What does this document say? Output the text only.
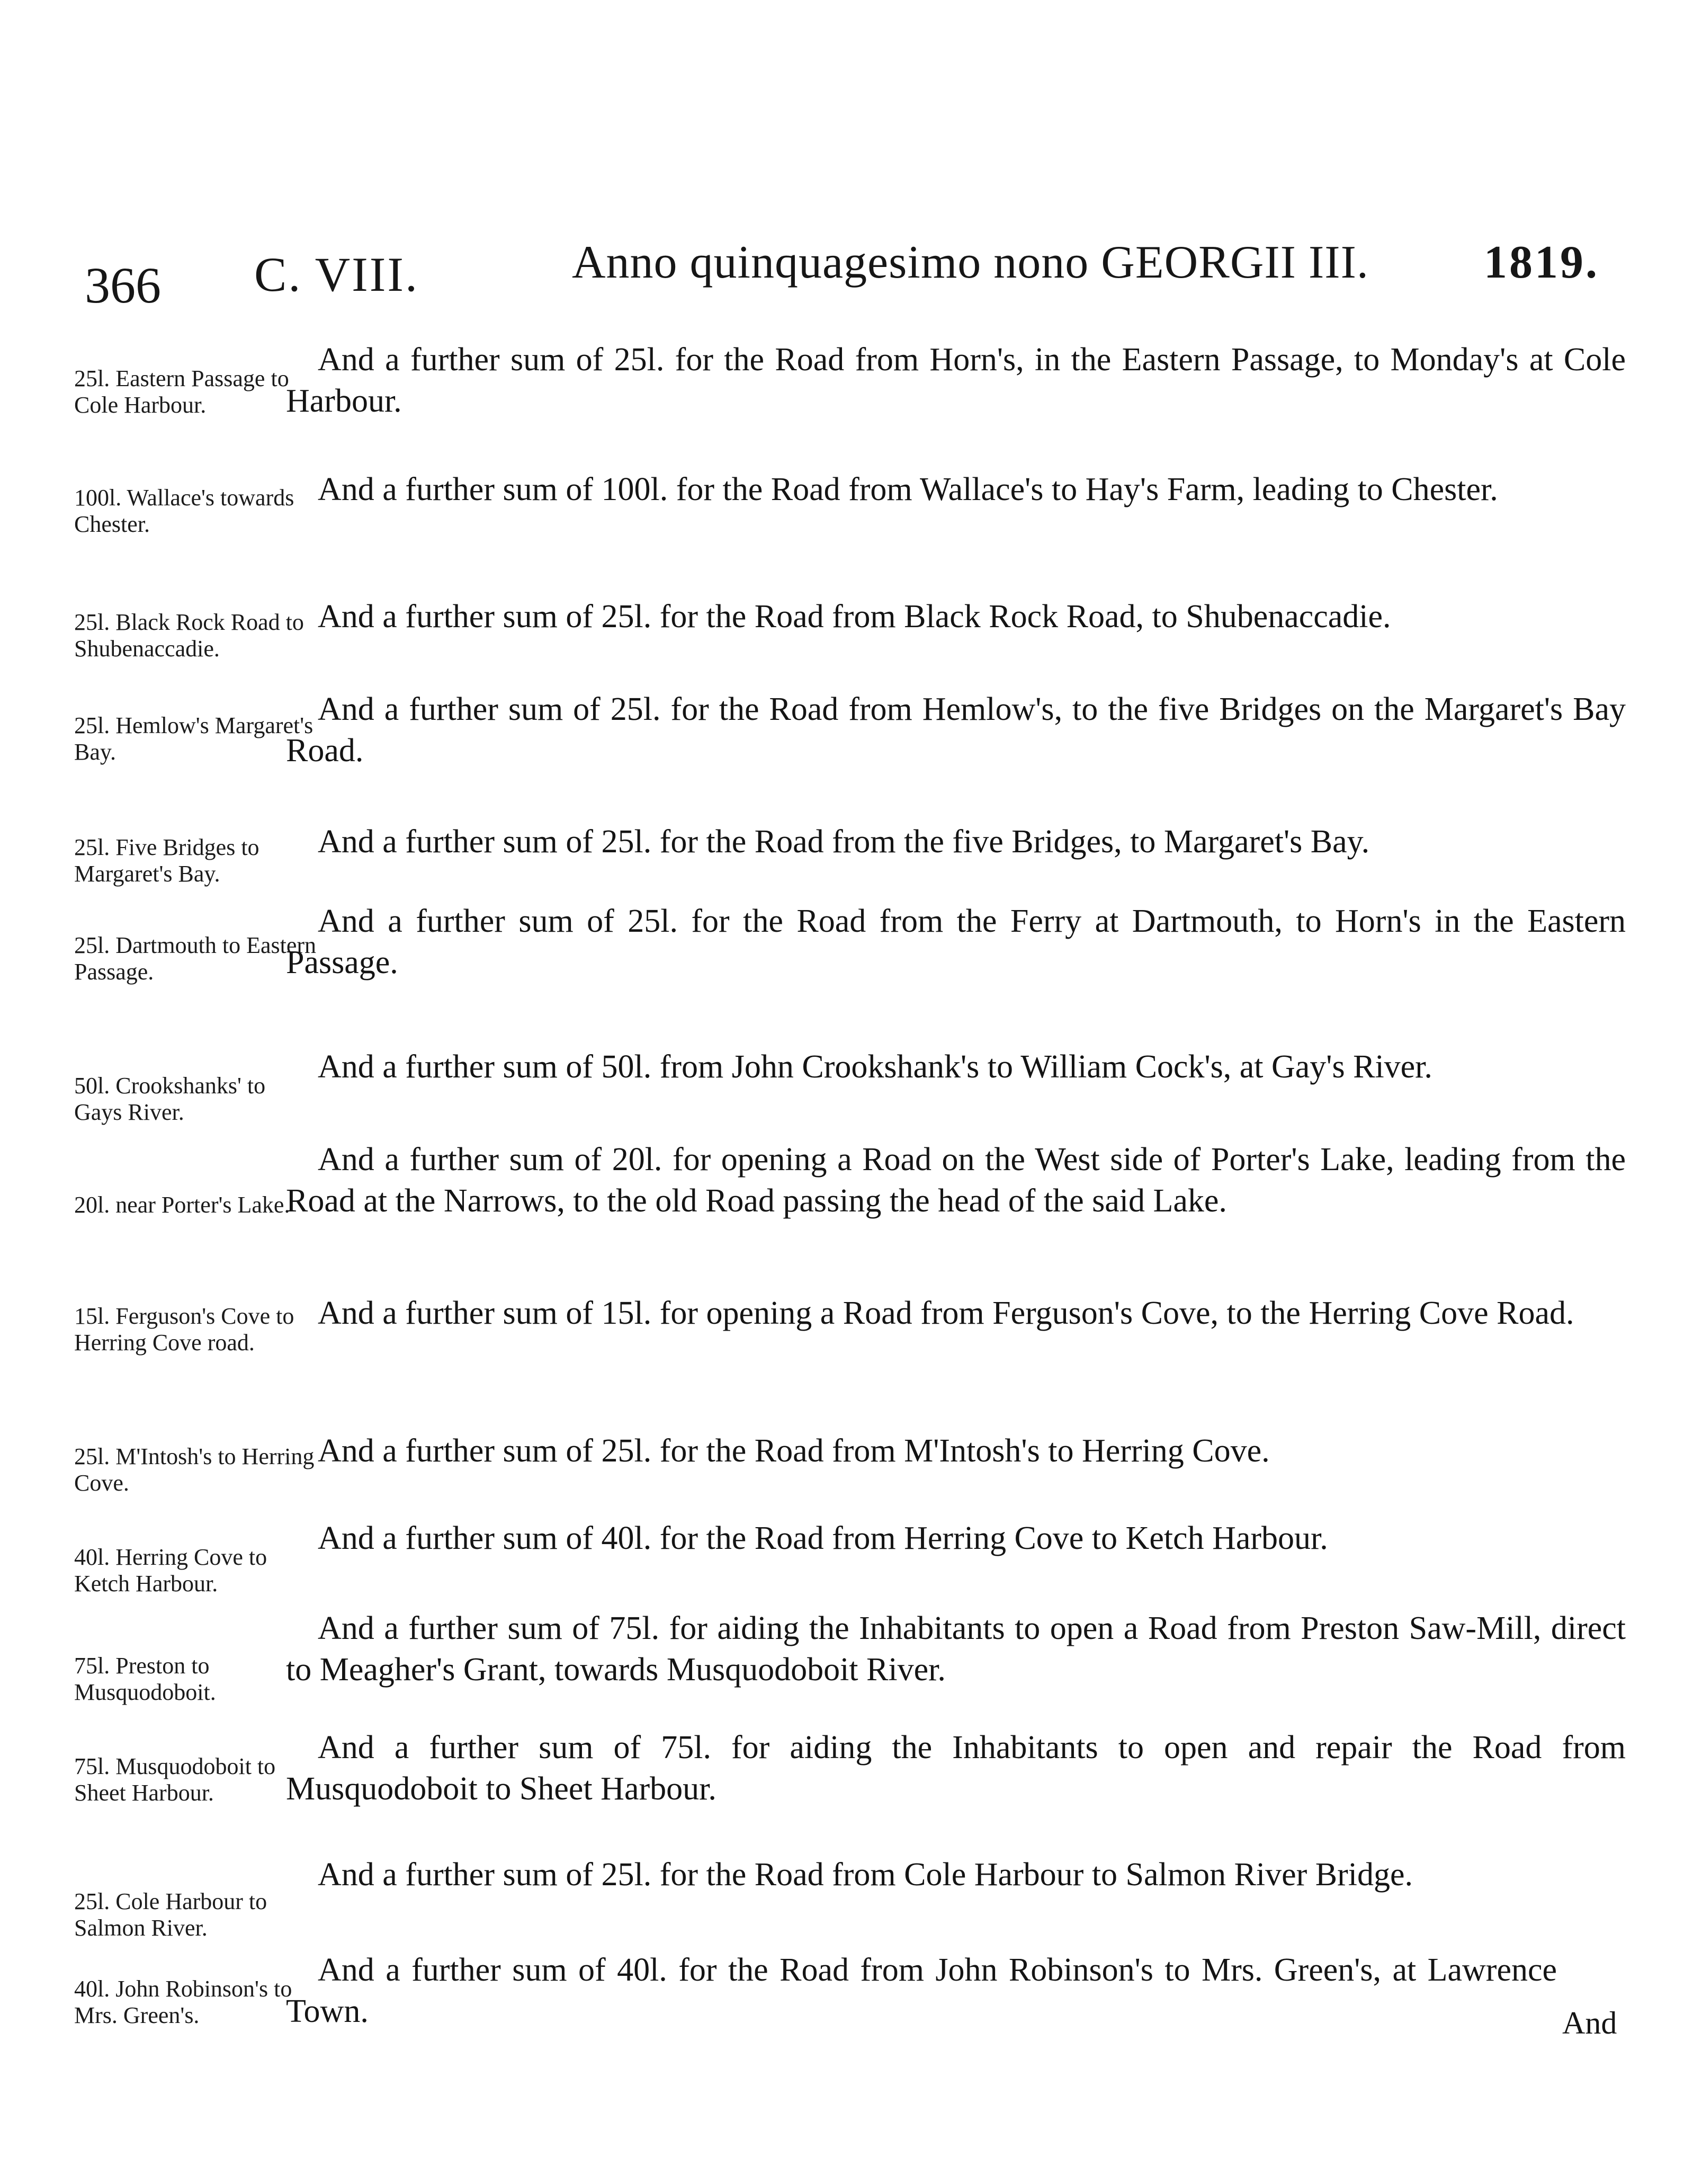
366 C. VIII.	Anno quinquagesimo nono GEORGII III. 1819.
25l. Eastern Passage to Cole Harbour.
And a further sum of 25l. for the Road from Horn's, in the Eastern Passage, to Monday's at Cole Harbour.
100l. Wallace's towards Chester.
And a further sum of 100l. for the Road from Wallace's to Hay's Farm, leading to Chester.
25l. Black Rock Road to Shubenaccadie.
And a further sum of 25l. for the Road from Black Rock Road, to Shubenaccadie.
25l. Hemlow's Margaret's Bay.
And a further sum of 25l. for the Road from Hemlow's, to the five Bridges on the Margaret's Bay Road.
25l. Five Bridges to Margaret's Bay.
And a further sum of 25l. for the Road from the five Bridges, to Margaret's Bay.
25l. Dartmouth to Eastern Passage.
And a further sum of 25l. for the Road from the Ferry at Dartmouth, to Horn's in the Eastern Passage.
50l. Crookshanks' to Gays River.
And a further sum of 50l. from John Crookshank's to William Cock's, at Gay's River.
20l. near Porter's Lake.
And a further sum of 20l. for opening a Road on the West side of Porter's Lake, leading from the Road at the Narrows, to the old Road passing the head of the said Lake.
15l. Ferguson's Cove to Herring Cove road.
And a further sum of 15l. for opening a Road from Ferguson's Cove, to the Herring Cove Road.
25l. M'Intosh's to Herring Cove.
And a further sum of 25l. for the Road from M'Intosh's to Herring Cove.
40l. Herring Cove to Ketch Harbour.
And a further sum of 40l. for the Road from Herring Cove to Ketch Harbour.
75l. Preston to Musquodoboit.
And a further sum of 75l. for aiding the Inhabitants to open a Road from Preston Saw-Mill, direct to Meagher's Grant, towards Musquodoboit River.
75l. Musquodoboit to Sheet Harbour.
And a further sum of 75l. for aiding the Inhabitants to open and repair the Road from Musquodoboit to Sheet Harbour.
25l. Cole Harbour to Salmon River.
And a further sum of 25l. for the Road from Cole Harbour to Salmon River Bridge.
40l. John Robinson's to Mrs. Green's.
And a further sum of 40l. for the Road from John Robinson's to Mrs. Green's, at Lawrence Town.	And
